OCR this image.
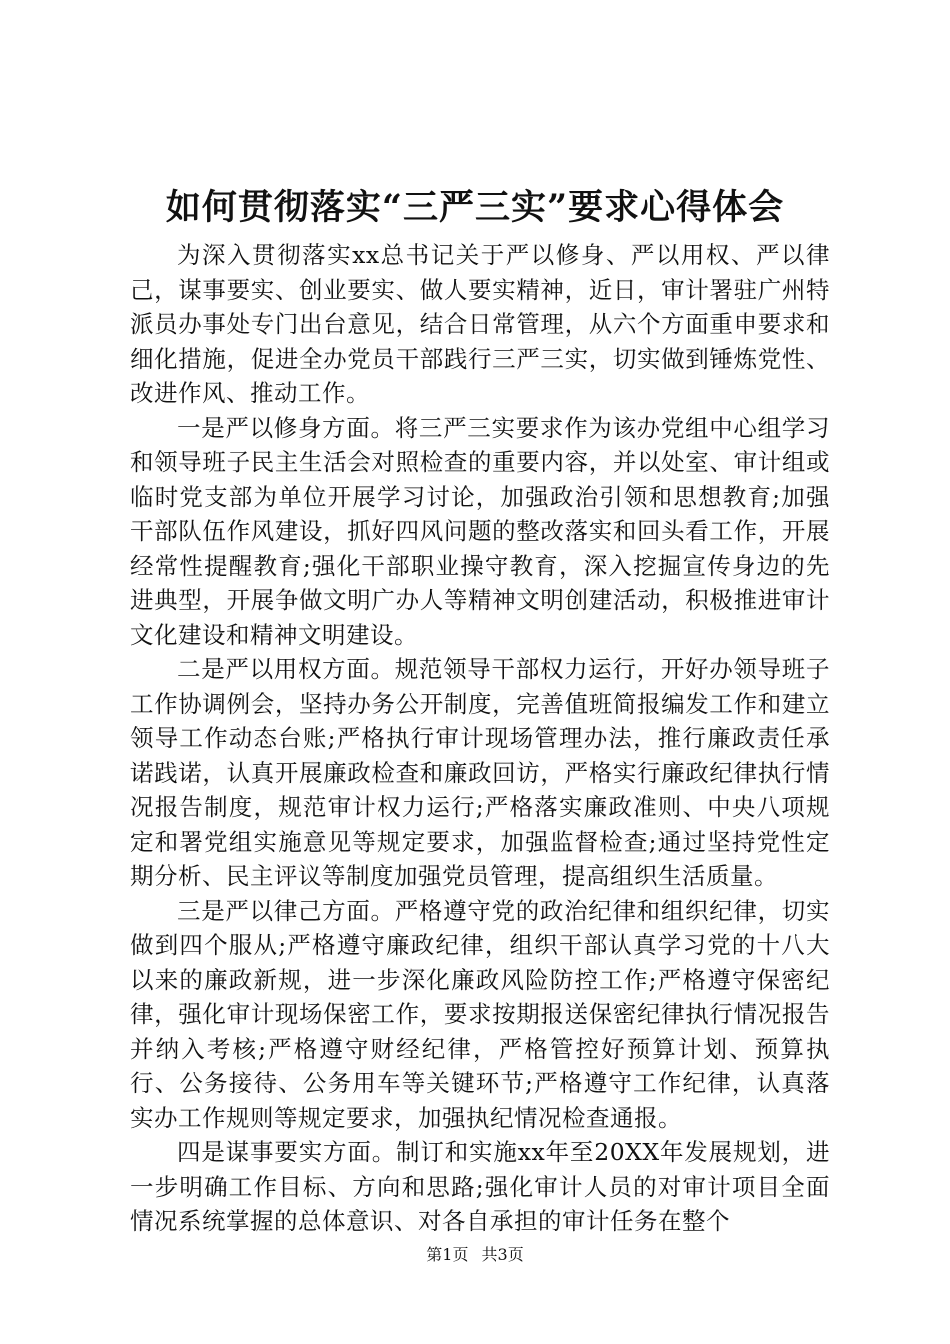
如何贯彻落实“三严三实”要求心得体会

为深入贯彻落实xx总书记关于严以修身、严以用权、严以律己，谋事要实、创业要实、做人要实精神，近日，审计署驻广州特派员办事处专门出台意见，结合日常管理，从六个方面重申要求和细化措施，促进全办党员干部践行三严三实，切实做到锤炼党性、改进作风、推动工作。

一是严以修身方面。将三严三实要求作为该办党组中心组学习和领导班子民主生活会对照检查的重要内容，并以处室、审计组或临时党支部为单位开展学习讨论，加强政治引领和思想教育;加强干部队伍作风建设，抓好四风问题的整改落实和回头看工作，开展经常性提醒教育;强化干部职业操守教育，深入挖掘宣传身边的先进典型，开展争做文明广办人等精神文明创建活动，积极推进审计文化建设和精神文明建设。

二是严以用权方面。规范领导干部权力运行，开好办领导班子工作协调例会，坚持办务公开制度，完善值班简报编发工作和建立领导工作动态台账;严格执行审计现场管理办法，推行廉政责任承诺践诺，认真开展廉政检查和廉政回访，严格实行廉政纪律执行情况报告制度，规范审计权力运行;严格落实廉政准则、中央八项规定和署党组实施意见等规定要求，加强监督检查;通过坚持党性定期分析、民主评议等制度加强党员管理，提高组织生活质量。

三是严以律己方面。严格遵守党的政治纪律和组织纪律，切实做到四个服从;严格遵守廉政纪律，组织干部认真学习党的十八大以来的廉政新规，进一步深化廉政风险防控工作;严格遵守保密纪律，强化审计现场保密工作，要求按期报送保密纪律执行情况报告并纳入考核;严格遵守财经纪律，严格管控好预算计划、预算执行、公务接待、公务用车等关键环节;严格遵守工作纪律，认真落实办工作规则等规定要求，加强执纪情况检查通报。

四是谋事要实方面。制订和实施xx年至20XX年发展规划，进一步明确工作目标、方向和思路;强化审计人员的对审计项目全面情况系统掌握的总体意识、对各自承担的审计任务在整个

第1页 共3页
